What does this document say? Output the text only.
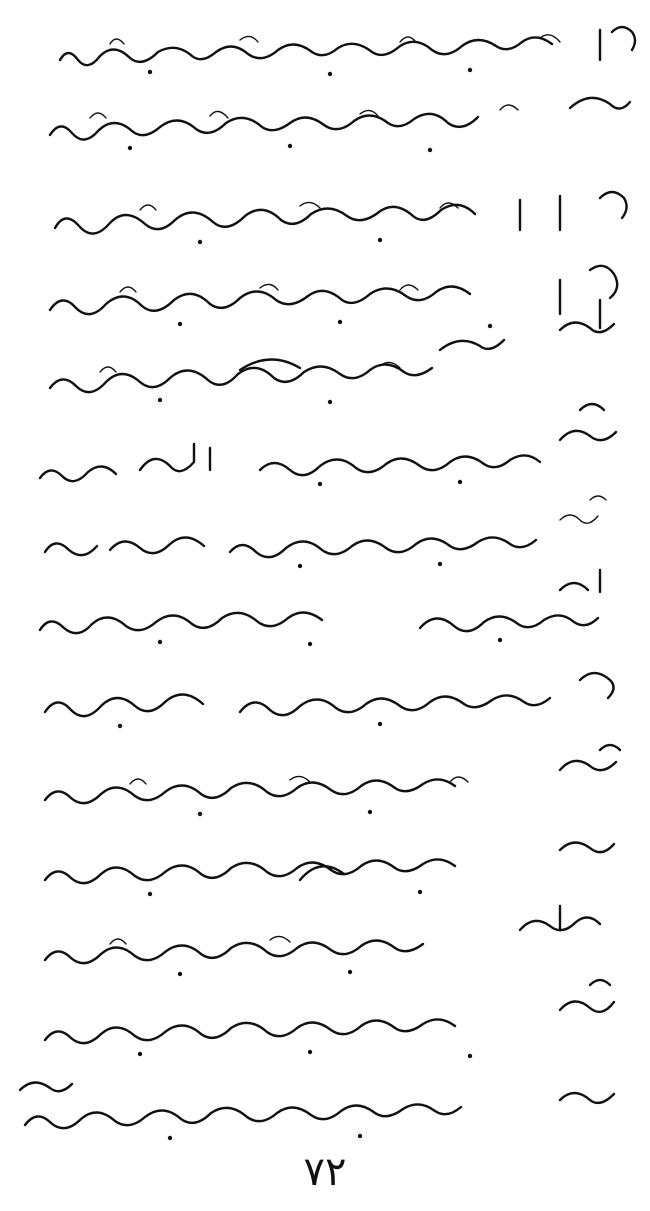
٧٢
